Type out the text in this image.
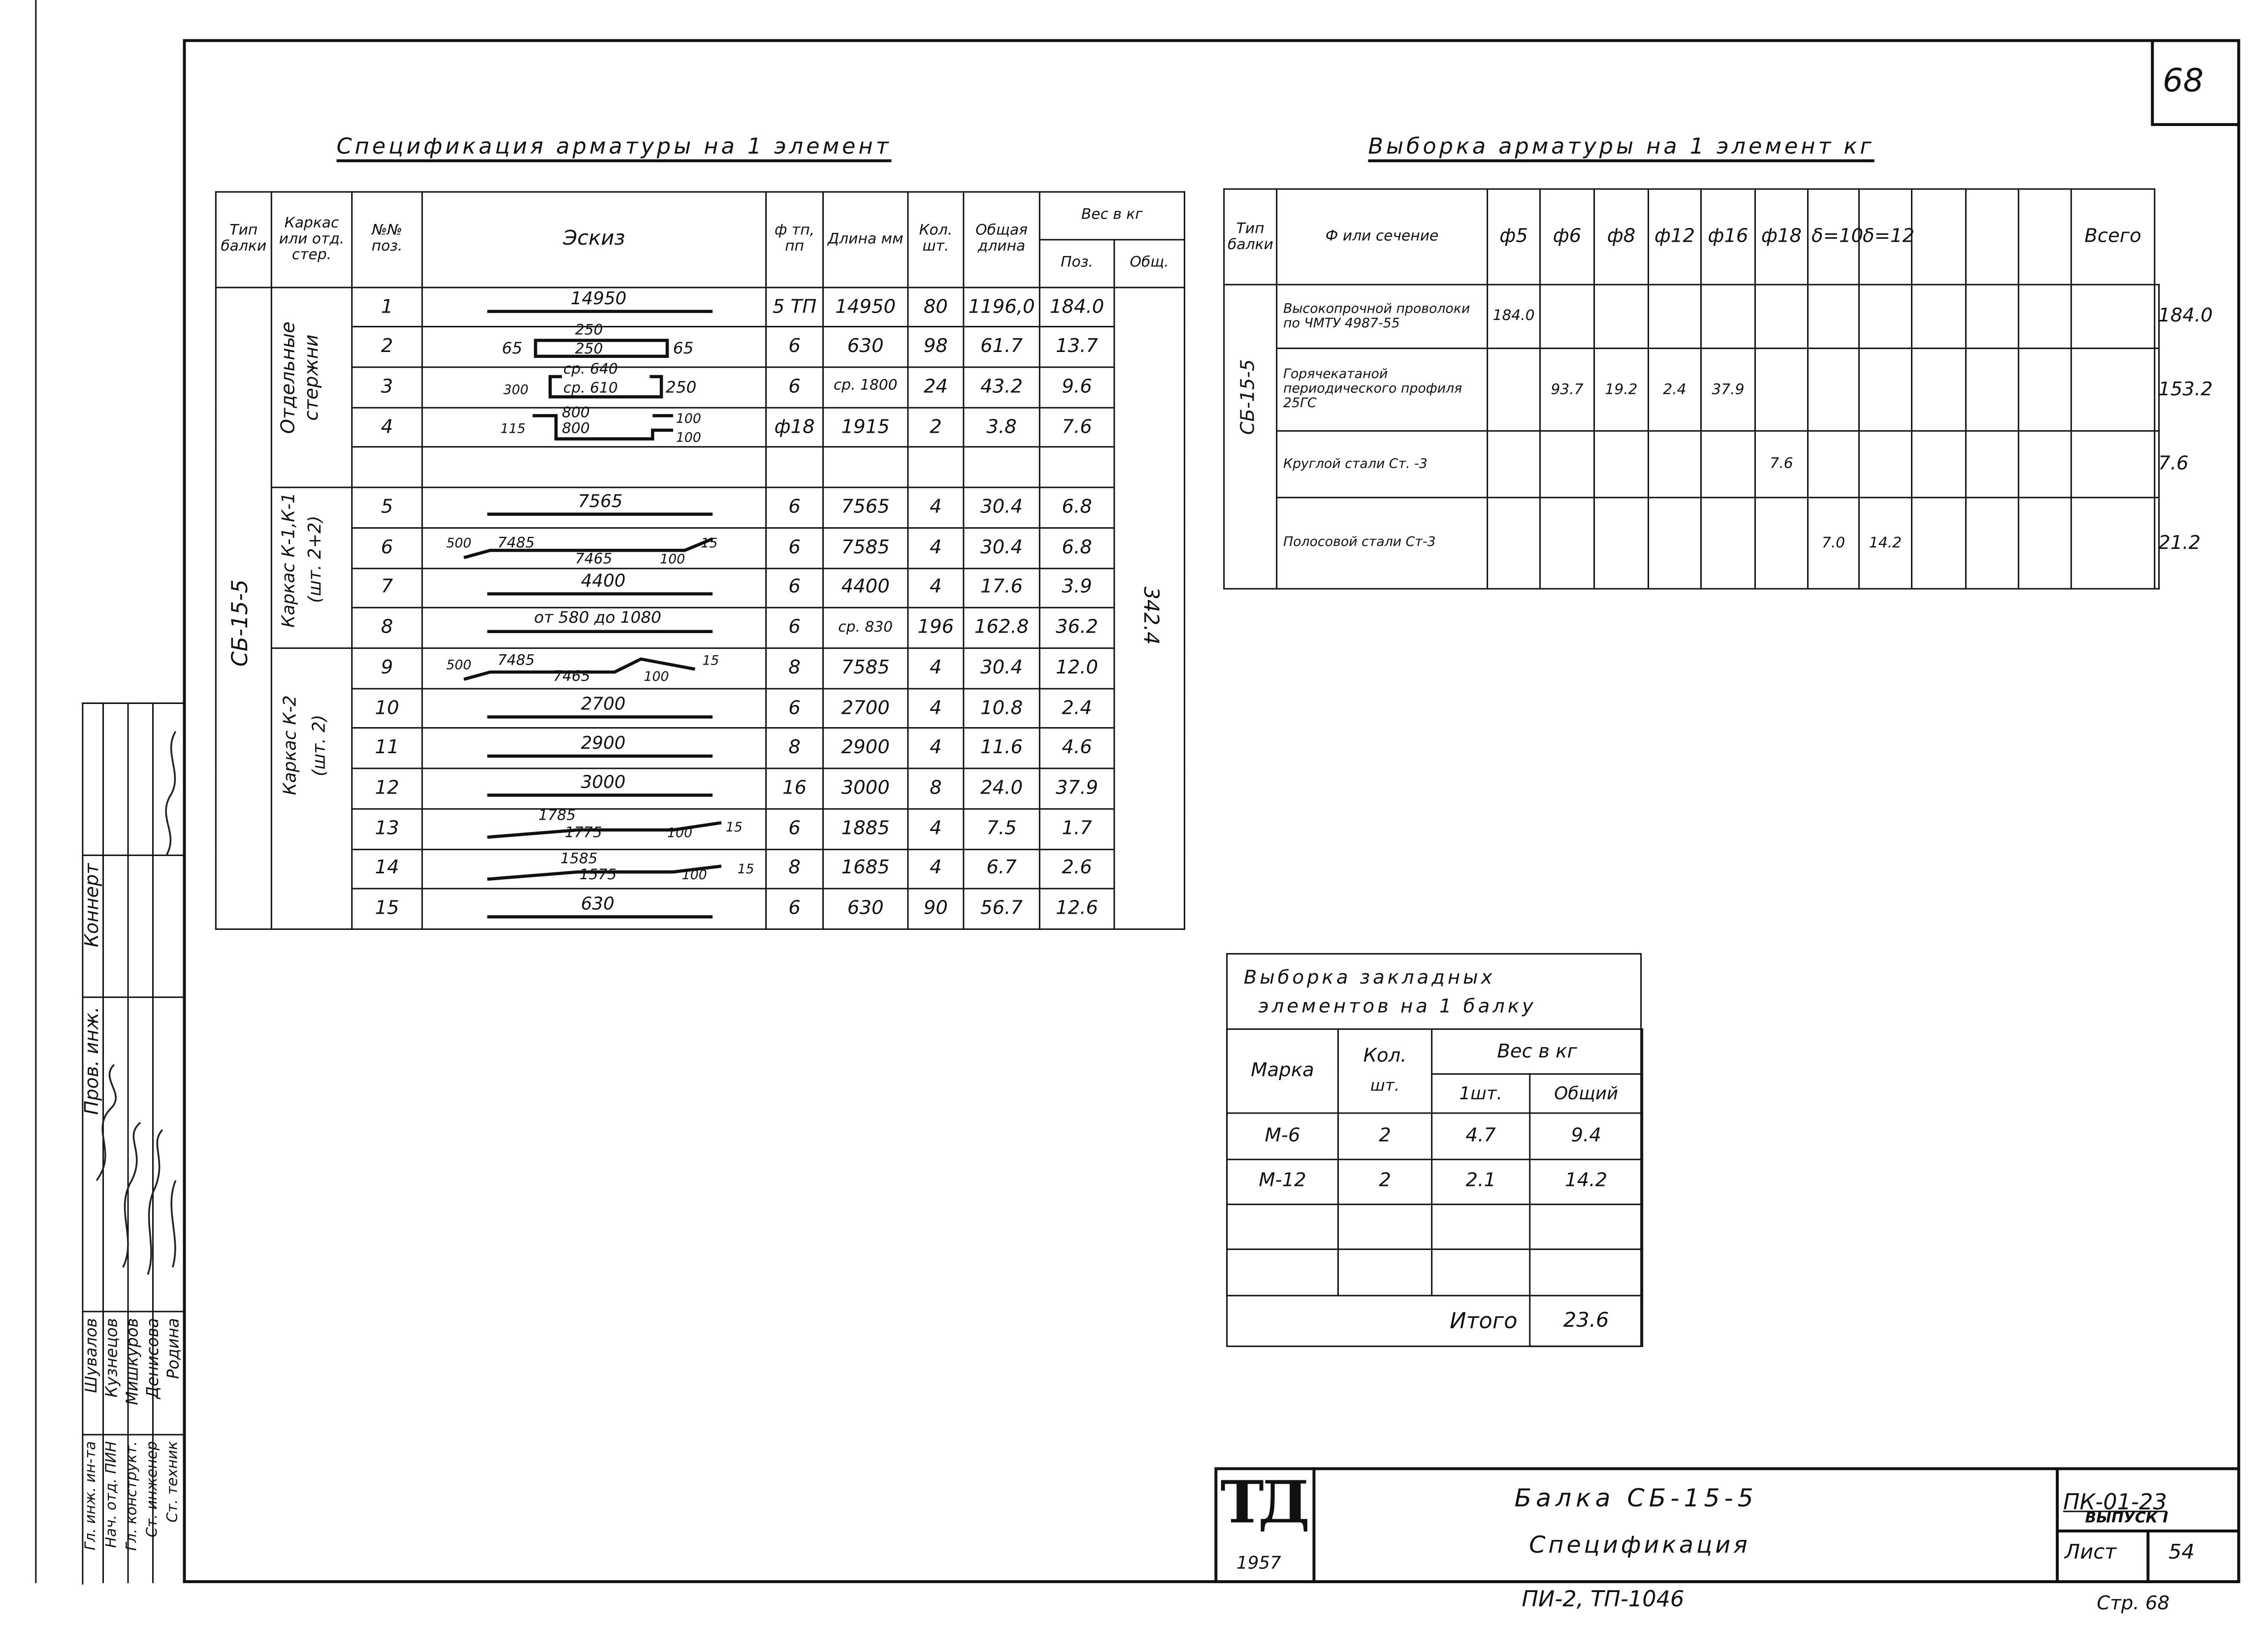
68
Спецификация арматуры на 1 элемент
Тип балки	Каркас или отд. стер.	№№ поз.	Эскиз	ф тп, пп	Длина мм	Кол. шт.	Общая длина	Вес в кг	
								Поз.	Общ.
		1		5 ТП	14950	80	1196,0	184.0	
		2		6	630	98	61.7	13.7	
		3		6	ср. 1800	24	43.2	9.6	
		4		ф18	1915	2	3.8	7.6	

		5		6	7565	4	30.4	6.8	
		6		6	7585	4	30.4	6.8	
		7		6	4400	4	17.6	3.9	
		8		6	ср. 830	196	162.8	36.2	
		9		8	7585	4	30.4	12.0	
		10		6	2700	4	10.8	2.4	
		11		8	2900	4	11.6	4.6	
		12		16	3000	8	24.0	37.9	
		13		6	1885	4	7.5	1.7	
		14		8	1685	4	6.7	2.6	
		15		6	630	90	56.7	12.6	
14950
65
250
250	65
ср. 640
ср. 610
300	250
800
800
115
100
100
7565
7485
7465	100
15
500
4400
от 580 до 1080
7485
7465	100
15
500
2700
2900
3000
1785
1775	100	15
1585
1575	100	15
630
СБ-15-5
Отдельные
стержни
Каркас К-1,К-1
(шт. 2+2)
Каркас К-2
(шт. 2)
342.4
Выборка арматуры на 1 элемент кг
Тип балки	Ф или сечение	ф5	ф6	ф8	ф12	ф16	ф18	δ=10	δ=12				Всего	
	Высокопрочной проволоки по ЧМТУ 4987-55	184.0												184.0
	Горячекатаной периодического профиля 25ГС		93.7	19.2	2.4	37.9								153.2
	Круглой стали Ст. -3						7.6							7.6
	Полосовой стали Ст-3							7.0	14.2					21.2
СБ-15-5
Выборка закладных
элементов на 1 балку
Марка	Кол.
шт.	Вес в кг	
		1шт.	Общий
М-6	2	4.7	9.4
М-12	2	2.1	14.2

Итого			23.6
Коннерт
Пров. инж.
Гл. инж. ин-та
Шувалов
Нач. отд. ПИН
Кузнецов
Гл. конструкт.
Мишкуров
Ст. инженер
Денисова
Ст. техник
Родина
ТД
1957
Балка СБ-15-5
Спецификация
ПК-01-23
ВЫПУСК I
Лист	54
ПИ-2, ТП-1046	Стр. 68
